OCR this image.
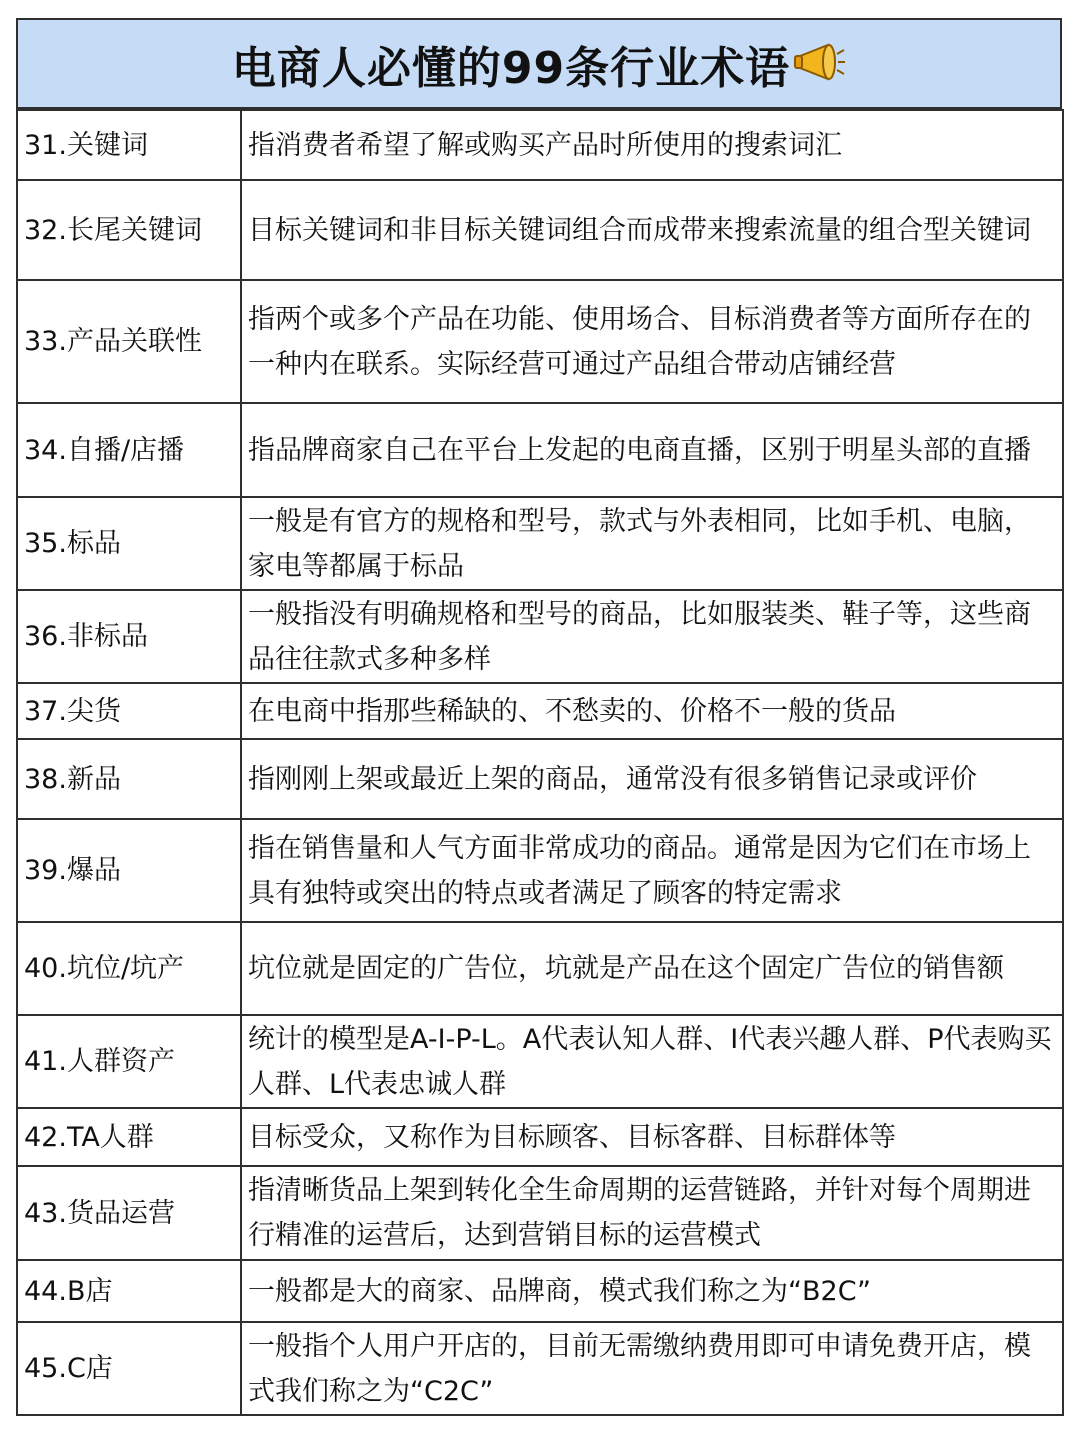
电商人必懂的99条行业术语
31.关键词	指消费者希望了解或购买产品时所使用的搜索词汇
32.长尾关键词	目标关键词和非目标关键词组合而成带来搜索流量的组合型关键词
33.产品关联性	指两个或多个产品在功能、使用场合、目标消费者等方面所存在的一种内在联系。实际经营可通过产品组合带动店铺经营
34.自播/店播	指品牌商家自己在平台上发起的电商直播，区别于明星头部的直播
35.标品	一般是有官方的规格和型号，款式与外表相同，比如手机、电脑，家电等都属于标品
36.非标品	一般指没有明确规格和型号的商品，比如服装类、鞋子等，这些商品往往款式多种多样
37.尖货	在电商中指那些稀缺的、不愁卖的、价格不一般的货品
38.新品	指刚刚上架或最近上架的商品，通常没有很多销售记录或评价
39.爆品	指在销售量和人气方面非常成功的商品。通常是因为它们在市场上具有独特或突出的特点或者满足了顾客的特定需求
40.坑位/坑产	坑位就是固定的广告位，坑就是产品在这个固定广告位的销售额
41.人群资产	统计的模型是A-I-P-L。A代表认知人群、I代表兴趣人群、P代表购买人群、L代表忠诚人群
42.TA人群	目标受众，又称作为目标顾客、目标客群、目标群体等
43.货品运营	指清晰货品上架到转化全生命周期的运营链路，并针对每个周期进行精准的运营后，达到营销目标的运营模式
44.B店	一般都是大的商家、品牌商，模式我们称之为“B2C”
45.C店	一般指个人用户开店的，目前无需缴纳费用即可申请免费开店，模式我们称之为“C2C”
